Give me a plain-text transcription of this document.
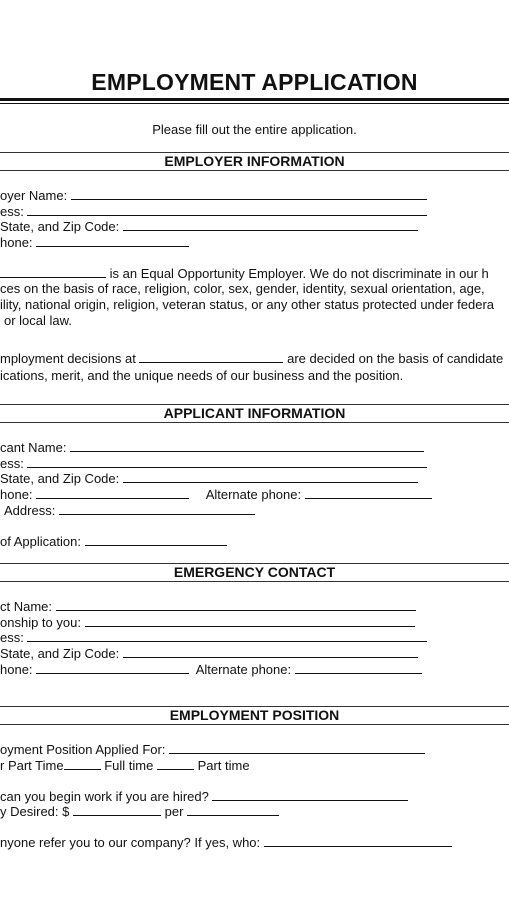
EMPLOYMENT APPLICATION
Please fill out the entire application.
EMPLOYER INFORMATION
oyer Name:
ess:
State, and Zip Code:
hone:
is an Equal Opportunity Employer. We do not discriminate in our h
ces on the basis of race, religion, color, sex, gender, identity, sexual orientation, age,
ility, national origin, religion, veteran status, or any other status protected under federa
or local law.
mployment decisions at	are decided on the basis of candidate
ications, merit, and the unique needs of our business and the position.
APPLICANT INFORMATION
cant Name:
ess:
State, and Zip Code:
hone:	Alternate phone:
Address:
of Application:
EMERGENCY CONTACT
ct Name:
onship to you:
ess:
State, and Zip Code:
hone:	Alternate phone:
EMPLOYMENT POSITION
oyment Position Applied For:
r Part Time	Full time	Part time
can you begin work if you are hired?
y Desired: $	per
nyone refer you to our company? If yes, who:
